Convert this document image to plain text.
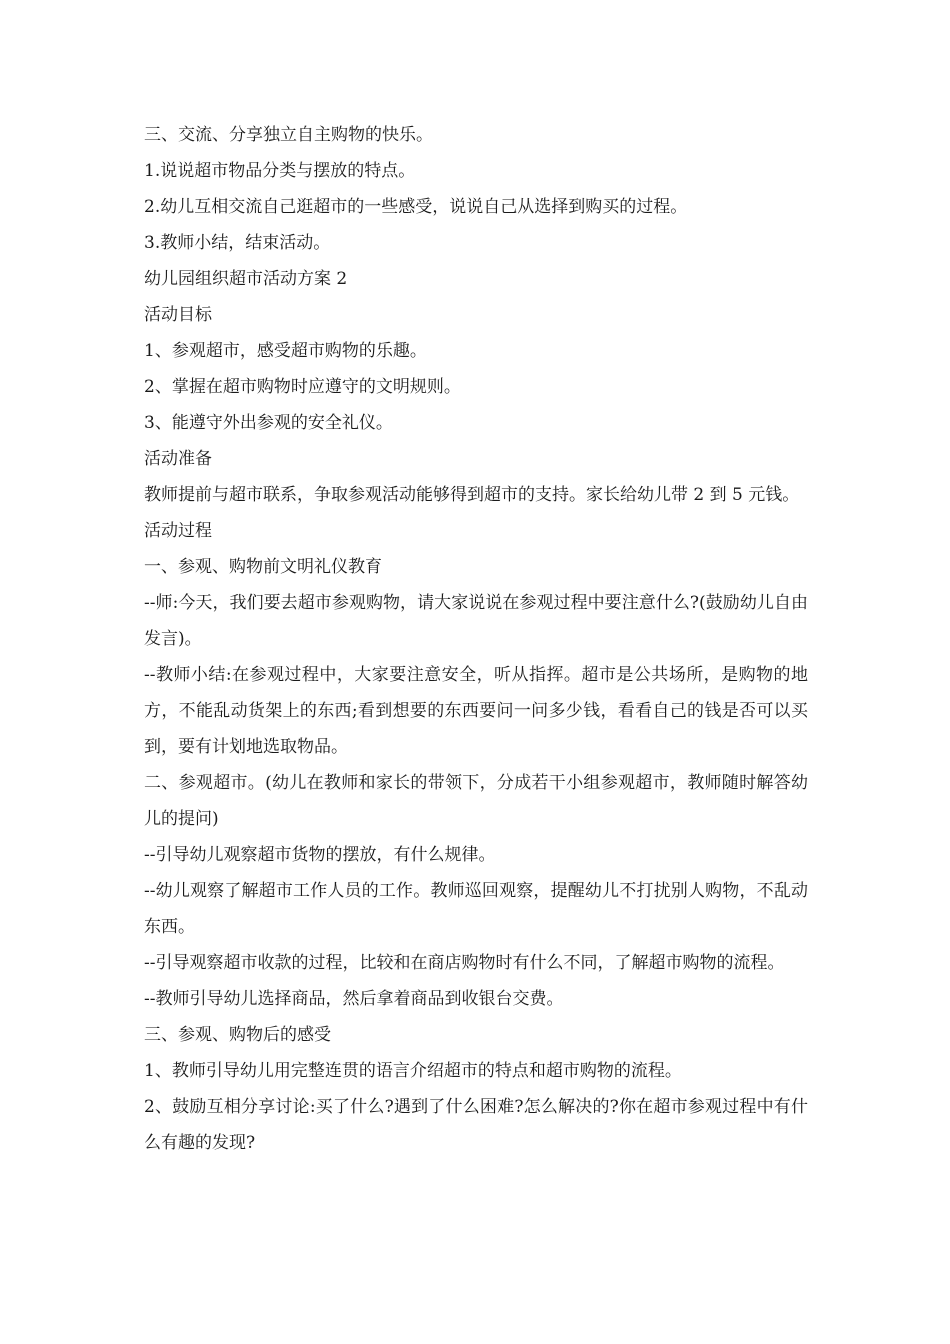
三、交流、分享独立自主购物的快乐。

1.说说超市物品分类与摆放的特点。

2.幼儿互相交流自己逛超市的一些感受，说说自己从选择到购买的过程。

3.教师小结，结束活动。

幼儿园组织超市活动方案 2

活动目标

1、参观超市，感受超市购物的乐趣。

2、掌握在超市购物时应遵守的文明规则。

3、能遵守外出参观的安全礼仪。

活动准备

教师提前与超市联系，争取参观活动能够得到超市的支持。家长给幼儿带 2 到 5 元钱。

活动过程

一、参观、购物前文明礼仪教育

--师:今天，我们要去超市参观购物，请大家说说在参观过程中要注意什么?(鼓励幼儿自由发言)。

--教师小结:在参观过程中，大家要注意安全，听从指挥。超市是公共场所，是购物的地方，不能乱动货架上的东西;看到想要的东西要问一问多少钱，看看自己的钱是否可以买到，要有计划地选取物品。

二、参观超市。(幼儿在教师和家长的带领下，分成若干小组参观超市，教师随时解答幼儿的提问)

--引导幼儿观察超市货物的摆放，有什么规律。

--幼儿观察了解超市工作人员的工作。教师巡回观察，提醒幼儿不打扰别人购物，不乱动东西。

--引导观察超市收款的过程，比较和在商店购物时有什么不同，了解超市购物的流程。

--教师引导幼儿选择商品，然后拿着商品到收银台交费。

三、参观、购物后的感受

1、教师引导幼儿用完整连贯的语言介绍超市的特点和超市购物的流程。

2、鼓励互相分享讨论:买了什么?遇到了什么困难?怎么解决的?你在超市参观过程中有什么有趣的发现?
